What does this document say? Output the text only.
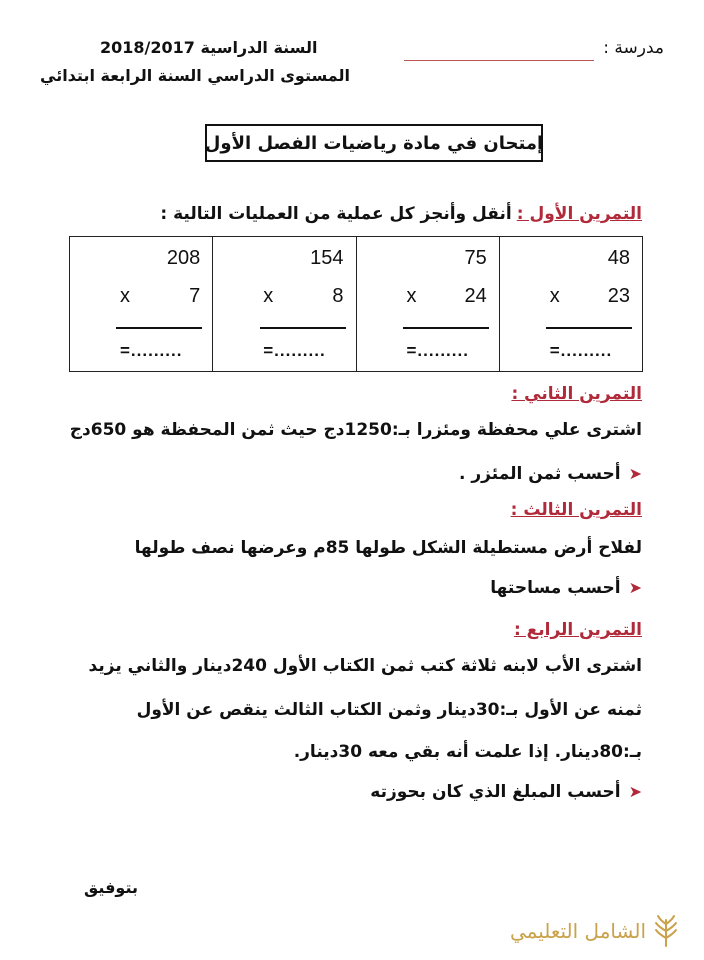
مدرسة :
السنة الدراسية 2018/2017
المستوى الدراسي السنة الرابعة ابتدائي
إمتحان في مادة رياضيات الفصل الأول
التمرين الأول : أنقل وأنجز كل عملية من العمليات التالية :
48
x 23
=.........
75
x 24
=.........
154
x	8
=.........
208
x	7
=.........
التمرين الثاني :
اشترى علي محفظة ومئزرا بـ:1250دج حيث ثمن المحفظة هو 650دج
➤أحسب ثمن المئزر .
التمرين الثالث :
لفلاح أرض مستطيلة الشكل طولها 85م وعرضها نصف طولها
➤أحسب مساحتها
التمرين الرابع :
اشترى الأب لابنه ثلاثة كتب ثمن الكتاب الأول 240دينار والثاني يزيد
ثمنه عن الأول بـ:30دينار وثمن الكتاب الثالث ينقص عن الأول
بـ:80دينار. إذا علمت أنه بقي معه 30دينار.
➤أحسب المبلغ الذي كان بحوزته
بتوفيق
الشامل التعليمي
